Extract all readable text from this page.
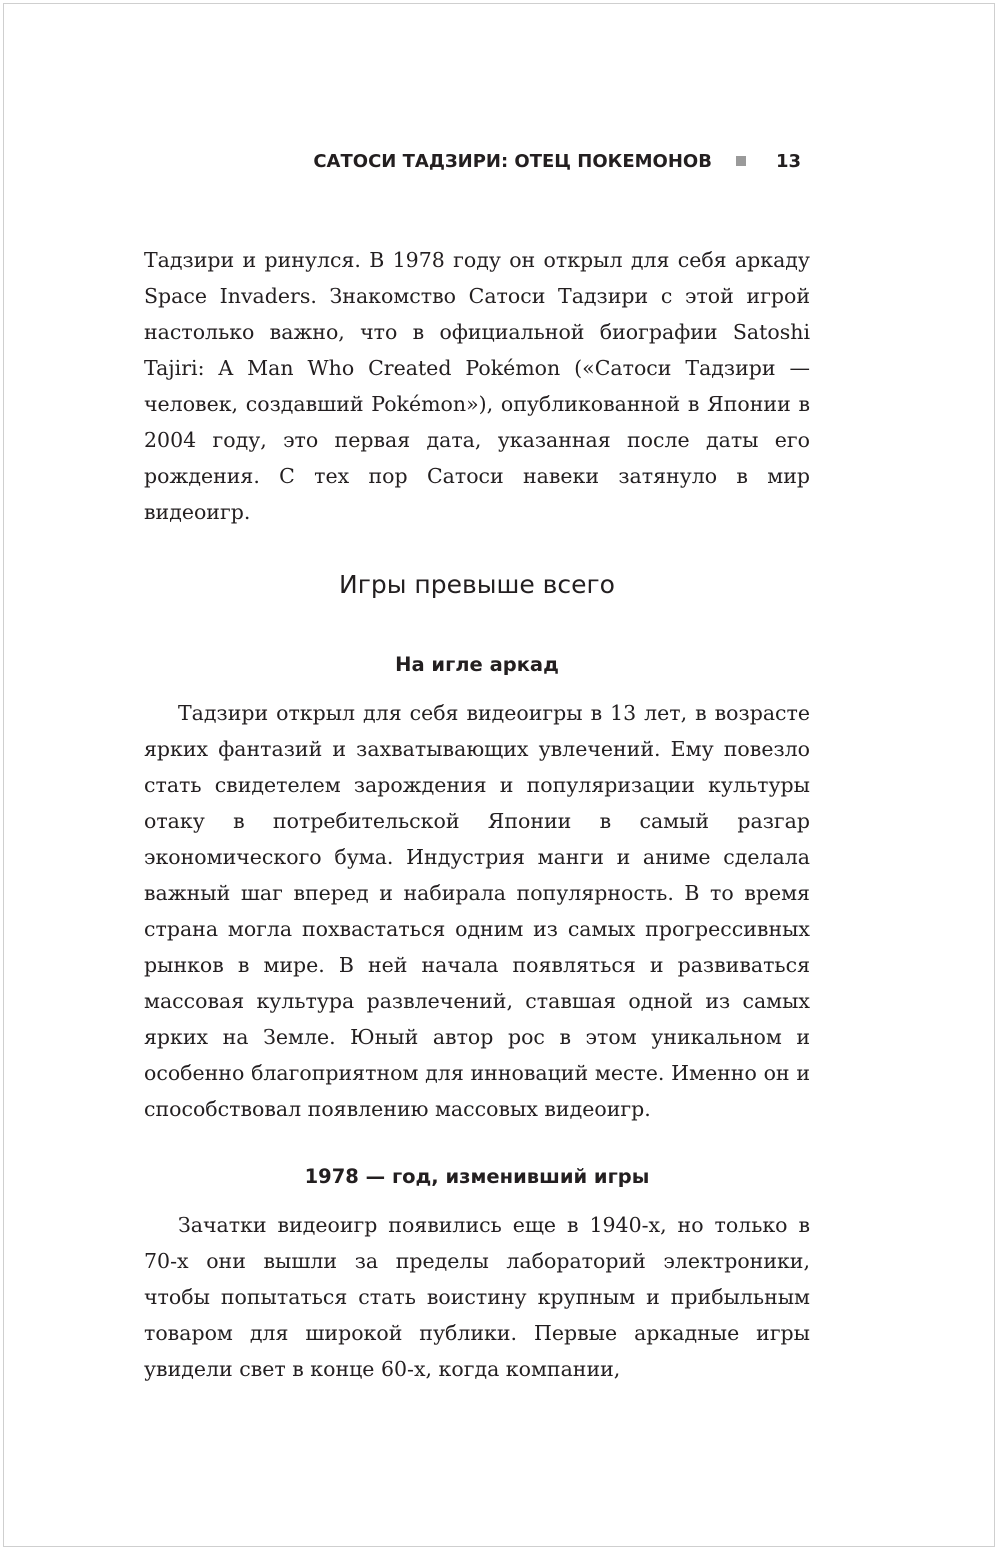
САТОСИ ТАДЗИРИ: ОТЕЦ ПОКЕМОНОВ	13

Тадзири и ринулся. В 1978 году он открыл для себя аркаду Space Invaders. Знакомство Сатоси Тадзири с этой игрой настолько важно, что в официальной биографии Satoshi Tajiri: A Man Who Created Pokémon («Сатоси Тадзири — человек, создавший Pokémon»), опубликованной в Японии в 2004 году, это первая дата, указанная после даты его рождения. С тех пор Сатоси навеки затянуло в мир видеоигр.

Игры превыше всего
На игле аркад

Тадзири открыл для себя видеоигры в 13 лет, в возрасте ярких фантазий и захватывающих увлечений. Ему повезло стать свидетелем зарождения и популяризации культуры отаку в потребительской Японии в самый разгар экономического бума. Индустрия манги и аниме сделала важный шаг вперед и набирала популярность. В то время страна могла похвастаться одним из самых прогрессивных рынков в мире. В ней начала появляться и развиваться массовая культура развлечений, ставшая одной из самых ярких на Земле. Юный автор рос в этом уникальном и особенно благоприятном для инноваций месте. Именно он и способствовал появлению массовых видеоигр.

1978 — год, изменивший игры

Зачатки видеоигр появились еще в 1940-х, но только в 70-х они вышли за пределы лабораторий электроники, чтобы попытаться стать воистину крупным и прибыльным товаром для широкой публики. Первые аркадные игры увидели свет в конце 60-х, когда компании,
